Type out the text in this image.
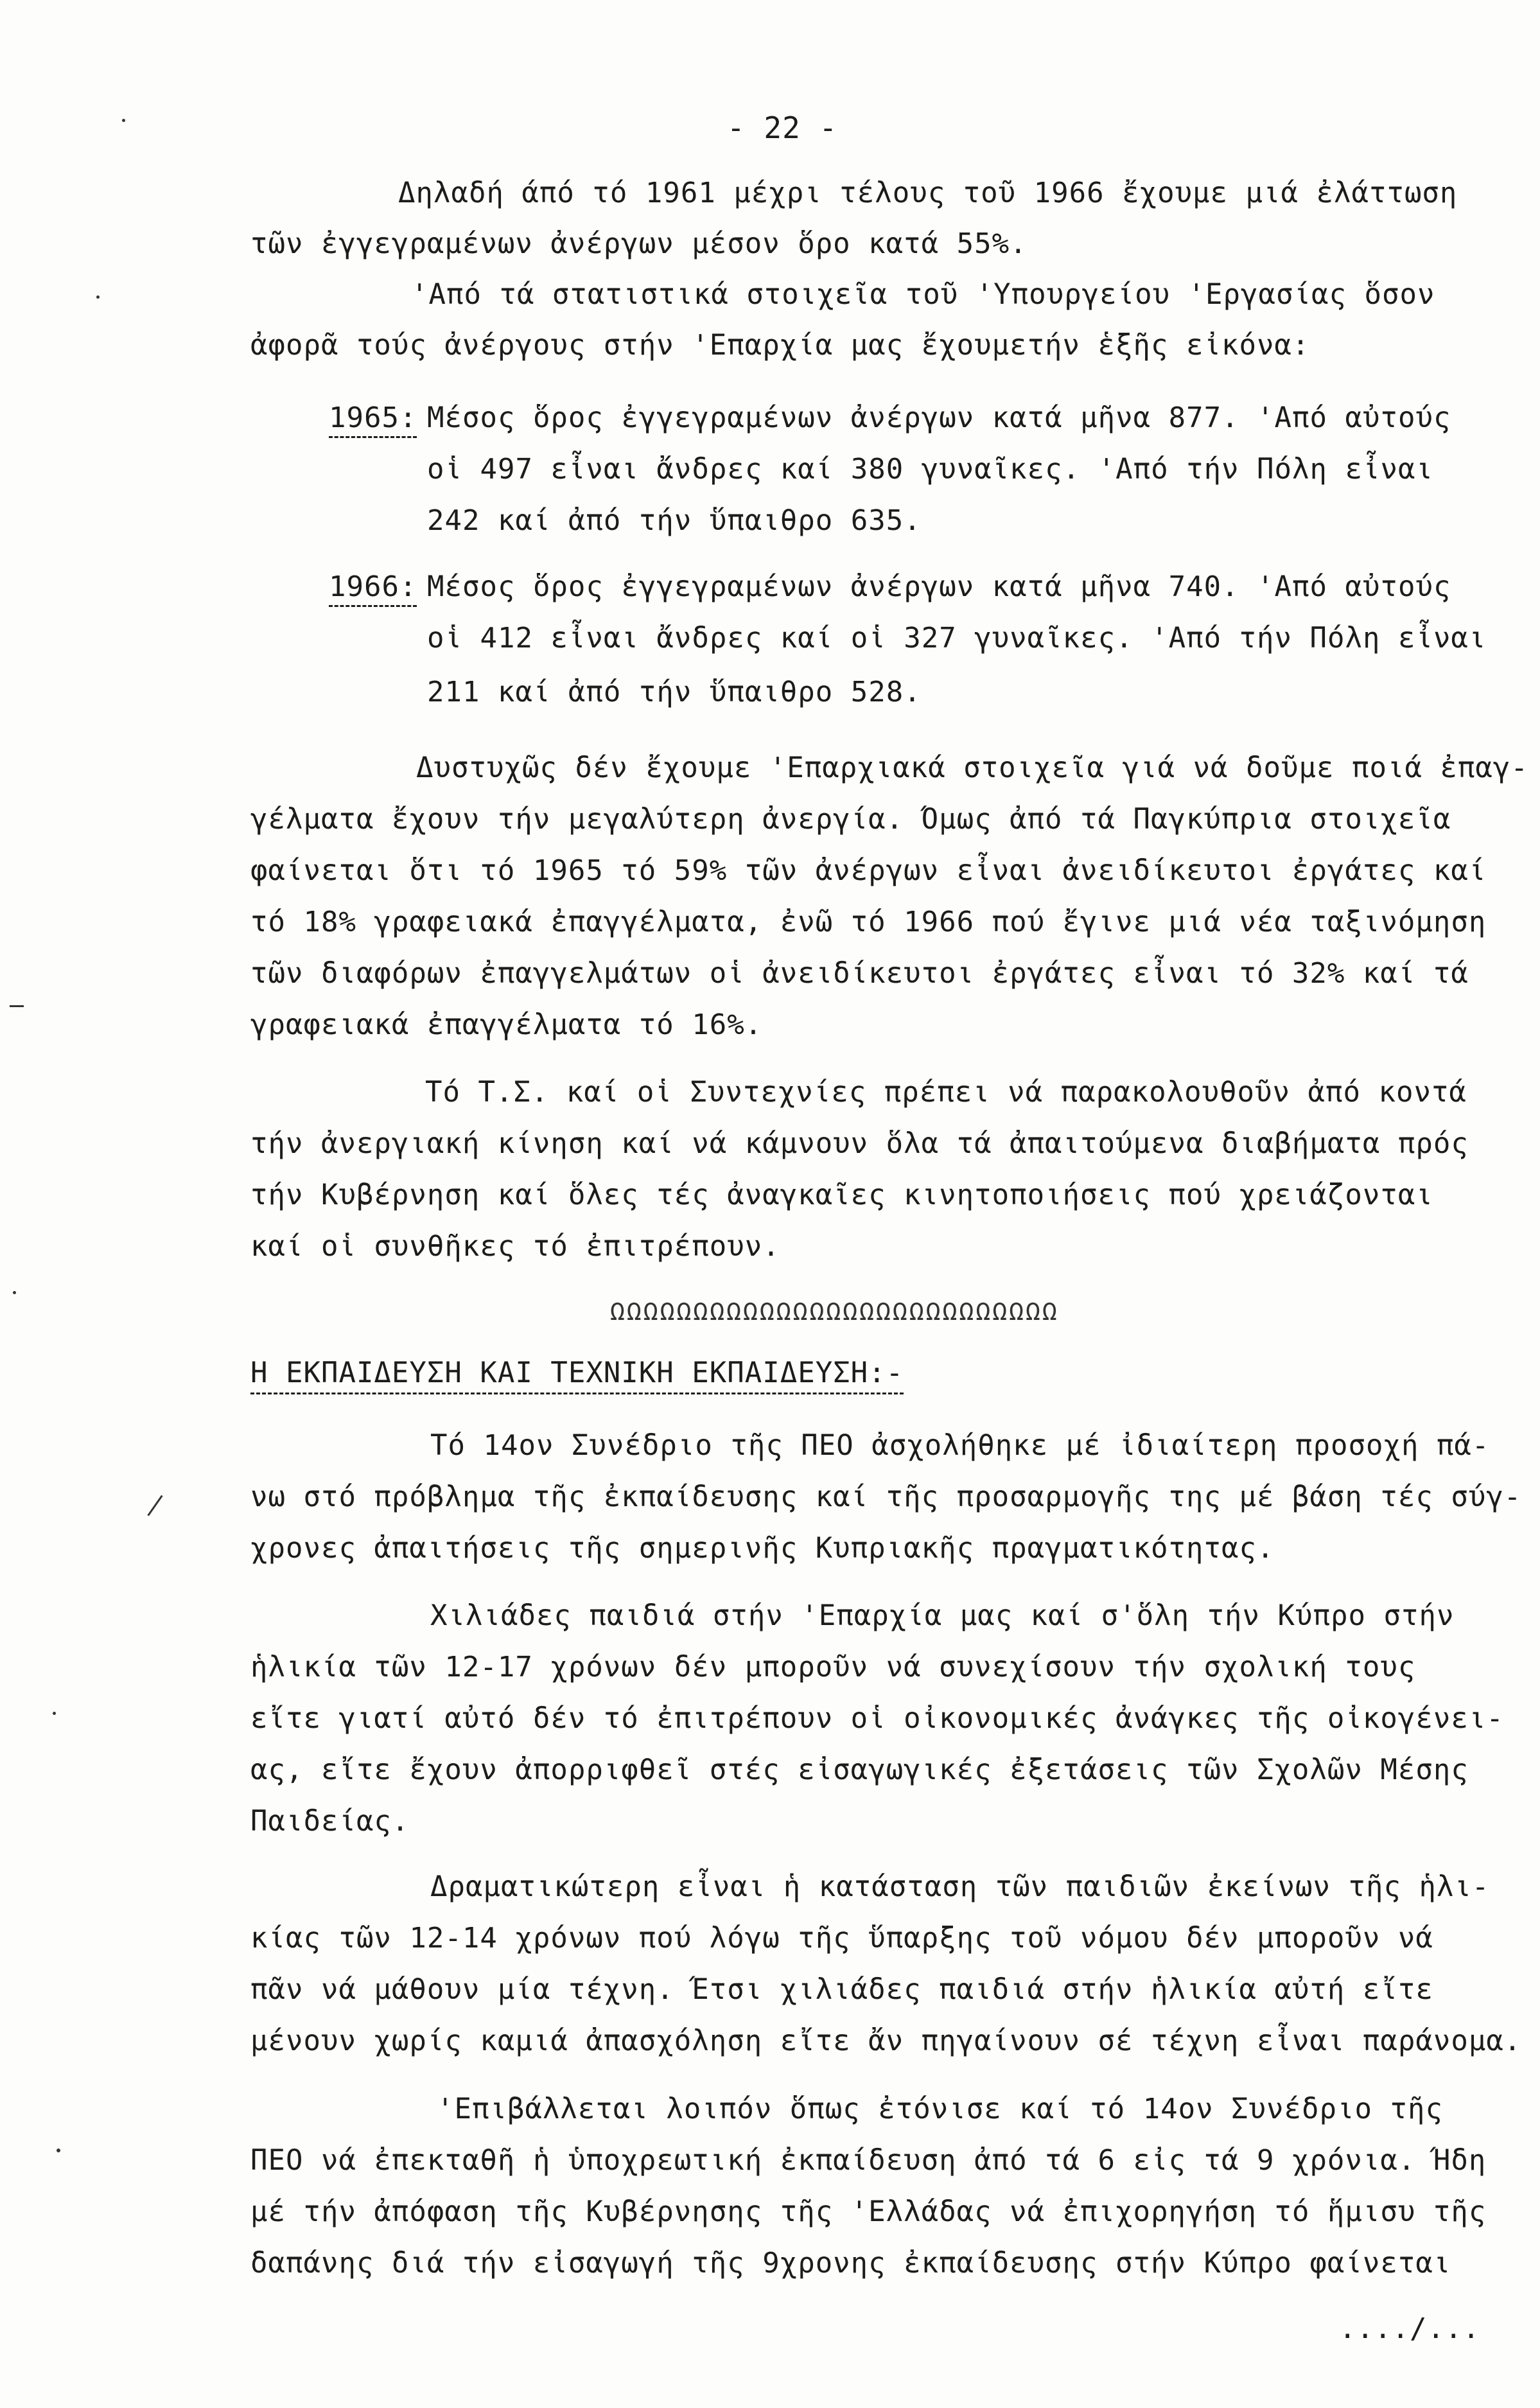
- 22 -
Δηλαδή άπό τό 1961 μέχρι τέλους τοῦ 1966 ἔχουμε μιά ἐλάττωση
τῶν ἐγγεγραμένων ἀνέργων μέσον ὅρο κατά 55%.
'Από τά στατιστικά στοιχεῖα τοῦ 'Υπουργείου 'Εργασίας ὅσον
ἀφορᾶ τούς ἀνέργους στήν 'Επαρχία μας ἔχουμετήν ἑξῆς εἰκόνα:
1965: Μέσος ὅρος ἐγγεγραμένων ἀνέργων κατά μῆνα 877. 'Από αὐτούς
οἱ 497 εἶναι ἄνδρες καί 380 γυναῖκες. 'Από τήν Πόλη εἶναι
242 καί ἀπό τήν ὕπαιθρο 635.
1966: Μέσος ὅρος ἐγγεγραμένων ἀνέργων κατά μῆνα 740. 'Από αὐτούς
οἱ 412 εἶναι ἄνδρες καί οἱ 327 γυναῖκες. 'Από τήν Πόλη εἶναι
211 καί ἀπό τήν ὕπαιθρο 528.
Δυστυχῶς δέν ἔχουμε 'Επαρχιακά στοιχεῖα γιά νά δοῦμε ποιά ἐπαγ-
γέλματα ἔχουν τήν μεγαλύτερη ἀνεργία. Όμως ἀπό τά Παγκύπρια στοιχεῖα
φαίνεται ὅτι τό 1965 τό 59% τῶν ἀνέργων εἶναι ἀνειδίκευτοι ἐργάτες καί
τό 18% γραφειακά ἐπαγγέλματα, ἐνῶ τό 1966 πού ἔγινε μιά νέα ταξινόμηση
τῶν διαφόρων ἐπαγγελμάτων οἱ ἀνειδίκευτοι ἐργάτες εἶναι τό 32% καί τά
γραφειακά ἐπαγγέλματα τό 16%.
Τό Τ.Σ. καί οἱ Συντεχνίες πρέπει νά παρακολουθοῦν ἀπό κοντά
τήν ἀνεργιακή κίνηση καί νά κάμνουν ὅλα τά ἀπαιτούμενα διαβήματα πρός
τήν Κυβέρνηση καί ὅλες τές ἀναγκαῖες κινητοποιήσεις πού χρειάζονται
καί οἱ συνθῆκες τό ἐπιτρέπουν.
ΩΩΩΩΩΩΩΩΩΩΩΩΩΩΩΩΩΩΩΩΩΩΩΩΩΩΩ
Η ΕΚΠΑΙΔΕΥΣΗ ΚΑΙ ΤΕΧΝΙΚΗ ΕΚΠΑΙΔΕΥΣΗ:-
Τό 14ον Συνέδριο τῆς ΠΕΟ ἀσχολήθηκε μέ ἰδιαίτερη προσοχή πά-
νω στό πρόβλημα τῆς ἐκπαίδευσης καί τῆς προσαρμογῆς της μέ βάση τές σύγ-
χρονες ἀπαιτήσεις τῆς σημερινῆς Κυπριακῆς πραγματικότητας.
Χιλιάδες παιδιά στήν 'Επαρχία μας καί σ'ὅλη τήν Κύπρο στήν
ἡλικία τῶν 12-17 χρόνων δέν μποροῦν νά συνεχίσουν τήν σχολική τους
εἴτε γιατί αὐτό δέν τό ἐπιτρέπουν οἱ οἰκονομικές ἀνάγκες τῆς οἰκογένει-
ας, εἴτε ἔχουν ἀπορριφθεῖ στές εἰσαγωγικές ἐξετάσεις τῶν Σχολῶν Μέσης
Παιδείας.
Δραματικώτερη εἶναι ἡ κατάσταση τῶν παιδιῶν ἐκείνων τῆς ἡλι-
κίας τῶν 12-14 χρόνων πού λόγω τῆς ὕπαρξης τοῦ νόμου δέν μποροῦν νά
πᾶν νά μάθουν μία τέχνη. Έτσι χιλιάδες παιδιά στήν ἡλικία αὐτή εἴτε
μένουν χωρίς καμιά ἀπασχόληση εἴτε ἄν πηγαίνουν σέ τέχνη εἶναι παράνομα.
'Επιβάλλεται λοιπόν ὅπως ἐτόνισε καί τό 14ον Συνέδριο τῆς
ΠΕΟ νά ἐπεκταθῆ ἡ ὑποχρεωτική ἐκπαίδευση ἀπό τά 6 εἰς τά 9 χρόνια. Ήδη
μέ τήν ἀπόφαση τῆς Κυβέρνησης τῆς 'Ελλάδας νά ἐπιχορηγήση τό ἥμισυ τῆς
δαπάνης διά τήν εἰσαγωγή τῆς 9χρονης ἐκπαίδευσης στήν Κύπρο φαίνεται
..../...
